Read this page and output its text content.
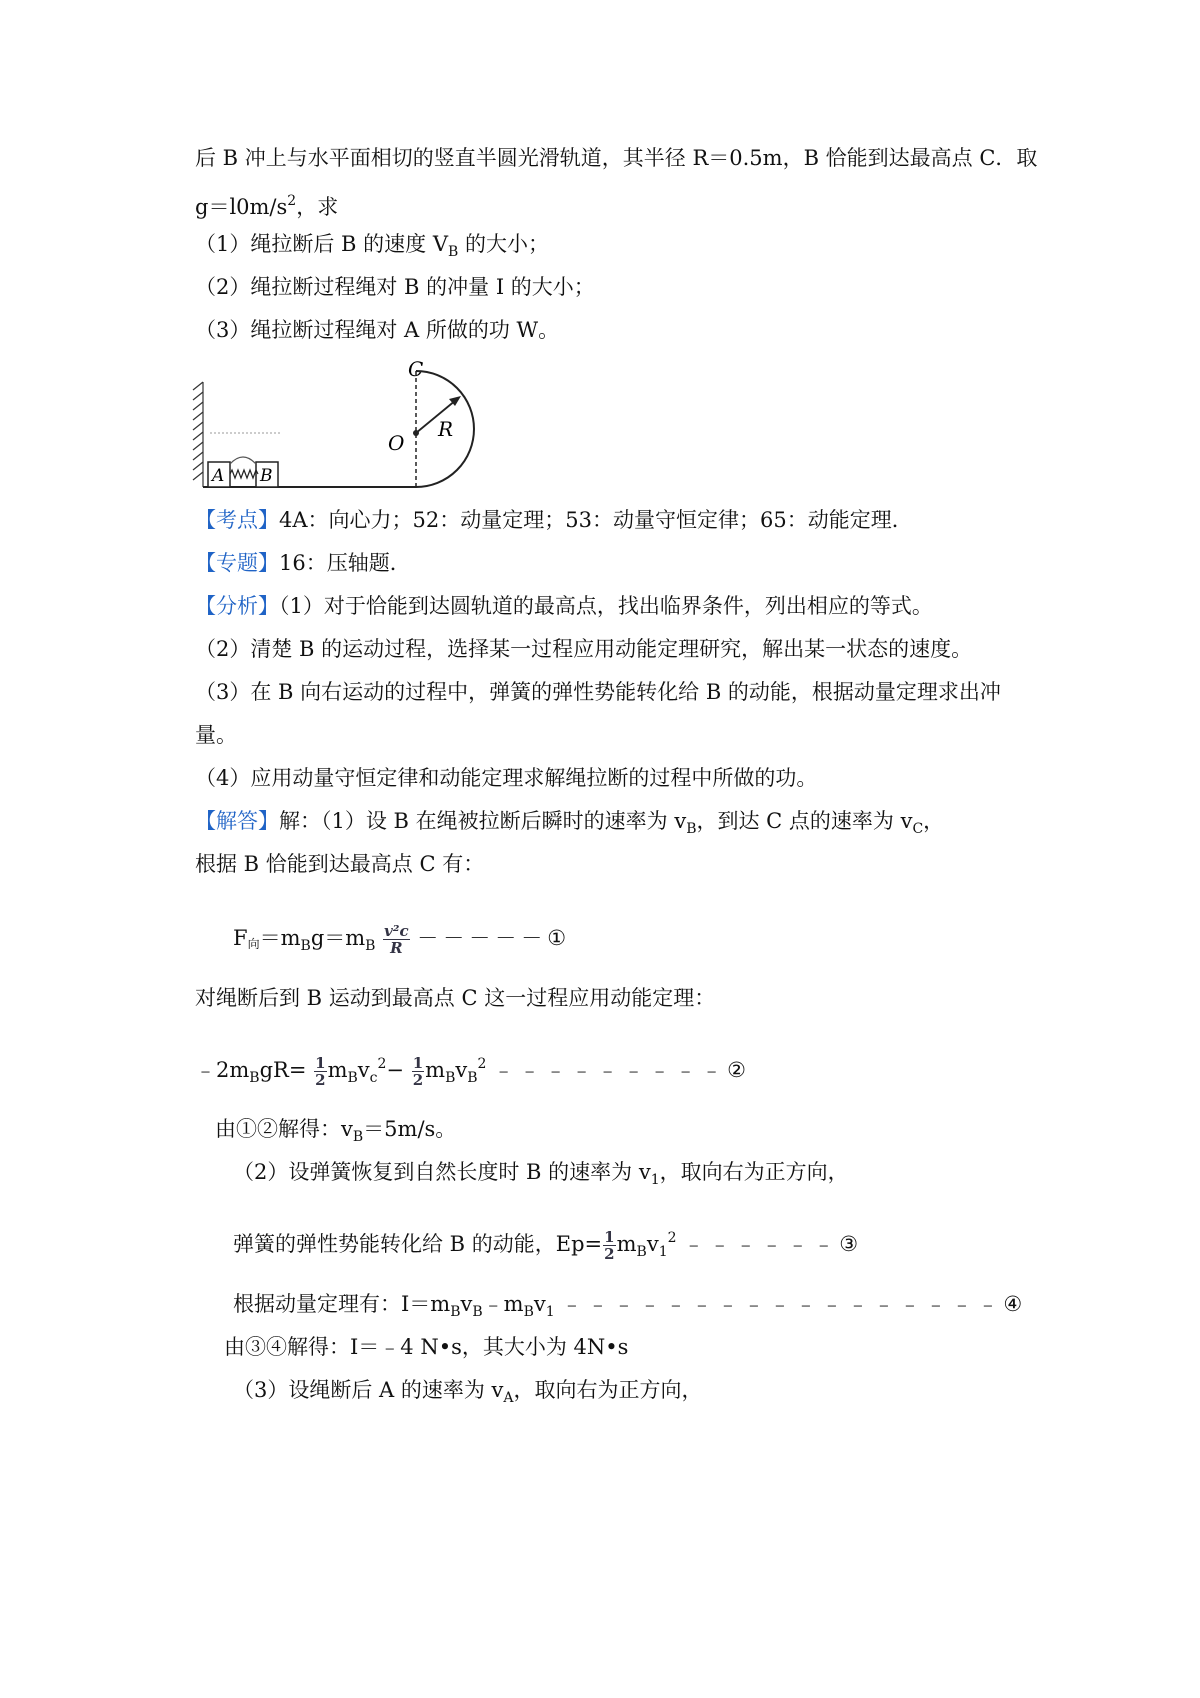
后 B 冲上与水平面相切的竖直半圆光滑轨道，其半径 R＝0.5m，B 恰能到达最高点 C．取
$g=l0m/s^2$，求
（1）绳拉断后 B 的速度 $V_B$ 的大小；
（2）绳拉断过程绳对 B 的冲量 I 的大小；
（3）绳拉断过程绳对 A 所做的功 W。
C
O
R
A B
【考点】4A：向心力；52：动量定理；53：动量守恒定律；65：动能定理．
【专题】16：压轴题．
【分析】（1）对于恰能到达圆轨道的最高点，找出临界条件，列出相应的等式。
（2）清楚 B 的运动过程，选择某一过程应用动能定理研究，解出某一状态的速度。
（3）在 B 向右运动的过程中，弹簧的弹性势能转化给 B 的动能，根据动量定理求出冲
量。
（4）应用动量守恒定律和动能定理求解绳拉断的过程中所做的功。
【解答】解：（1）设 B 在绳被拉断后瞬时的速率为 $v_B$，到达 C 点的速率为 $v_C$，
根据 B 恰能到达最高点 C 有：
F向$=m_Bg=m_B \frac{\text{v²c}}{R}$ －－－－－①
对绳断后到 B 运动到最高点 C 这一过程应用动能定理：
$﹣2m_BgR= \frac{1}{2} m_Bv_c^2- \frac{1}{2} m_Bv_B^2$ ﹣﹣﹣﹣﹣﹣﹣﹣﹣②
由①②解得：$v_B=5m/s$。
（2）设弹簧恢复到自然长度时 B 的速率为 $v_1$，取向右为正方向，
弹簧的弹性势能转化给 B 的动能，$Ep= \frac{1}{2} m_Bv_1^2$ ﹣﹣﹣﹣﹣﹣③
根据动量定理有：$I=m_Bv_B﹣m_Bv_1$ ﹣﹣﹣﹣﹣﹣﹣﹣﹣﹣﹣﹣﹣﹣﹣﹣﹣④
由③④解得：I＝﹣4 N•s，其大小为 4N•s
（3）设绳断后 A 的速率为 $v_A$，取向右为正方向，
